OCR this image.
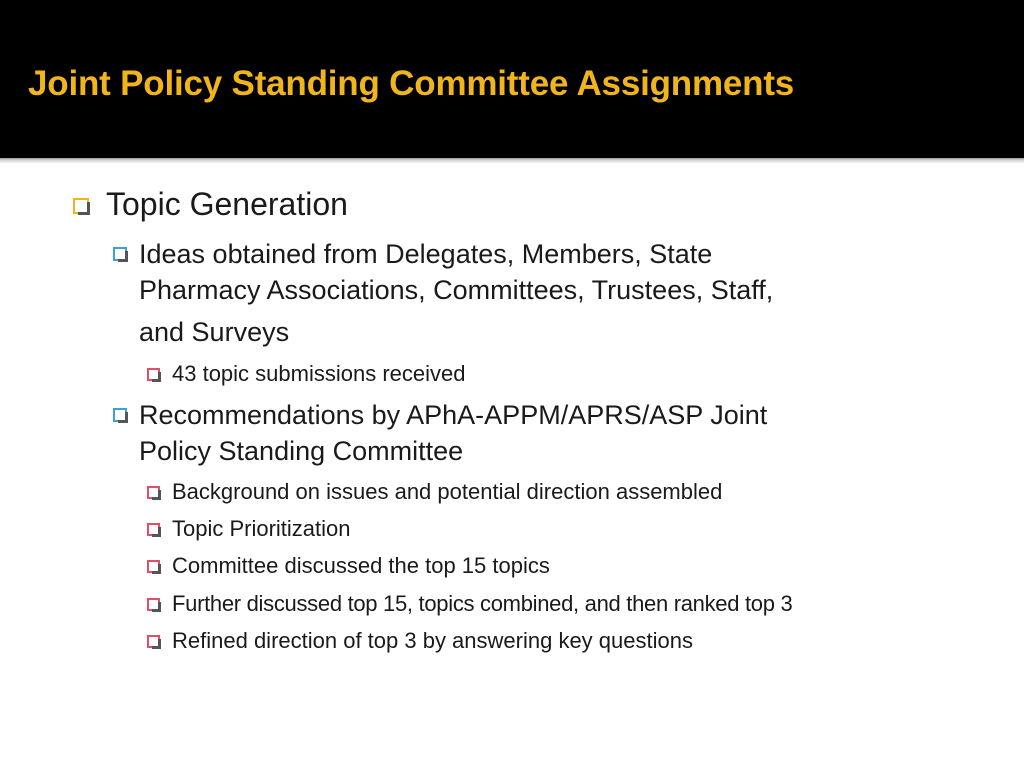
Joint Policy Standing Committee Assignments
Topic Generation
Ideas obtained from Delegates, Members, State
Pharmacy Associations, Committees, Trustees, Staff,
and Surveys
43 topic submissions received
Recommendations by APhA-APPM/APRS/ASP Joint
Policy Standing Committee
Background on issues and potential direction assembled
Topic Prioritization
Committee discussed the top 15 topics
Further discussed top 15, topics combined, and then ranked top 3
Refined direction of top 3 by answering key questions
